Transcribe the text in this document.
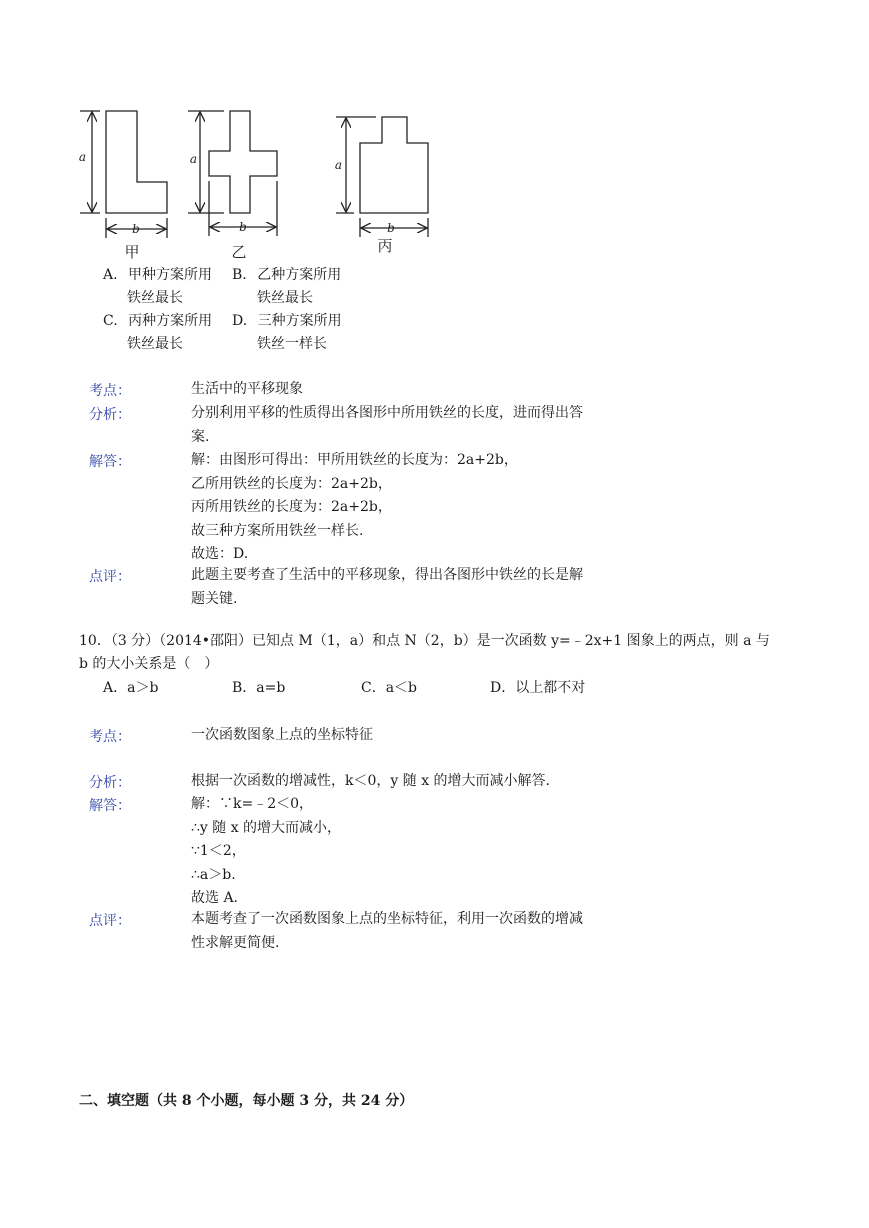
a
b
甲
a
b
乙
a
b
丙
A. 甲种方案所用
铁丝最长
B. 乙种方案所用
铁丝最长
C. 丙种方案所用
铁丝最长
D. 三种方案所用
铁丝一样长
考点：	生活中的平移现象
分析：	分别利用平移的性质得出各图形中所用铁丝的长度，进而得出答
案.
解答：	解：由图形可得出：甲所用铁丝的长度为：2a+2b，
乙所用铁丝的长度为：2a+2b，
丙所用铁丝的长度为：2a+2b，
故三种方案所用铁丝一样长.
故选：D.
点评：	此题主要考查了生活中的平移现象，得出各图形中铁丝的长是解
题关键.
10．（3 分）（2014•邵阳）已知点 M（1，a）和点 N（2，b）是一次函数 y=﹣2x+1 图象上的两点，则 a 与
b 的大小关系是（　）
A．a＞b	B．a=b	C．a＜b	D．以上都不对
考点：	一次函数图象上点的坐标特征
分析：	根据一次函数的增减性，k＜0，y 随 x 的增大而减小解答.
解答：	解：∵k=﹣2＜0，
∴y 随 x 的增大而减小，
∵1＜2，
∴a＞b.
故选 A.
点评：	本题考查了一次函数图象上点的坐标特征，利用一次函数的增减
性求解更简便.
二、填空题（共 8 个小题，每小题 3 分，共 24 分）
